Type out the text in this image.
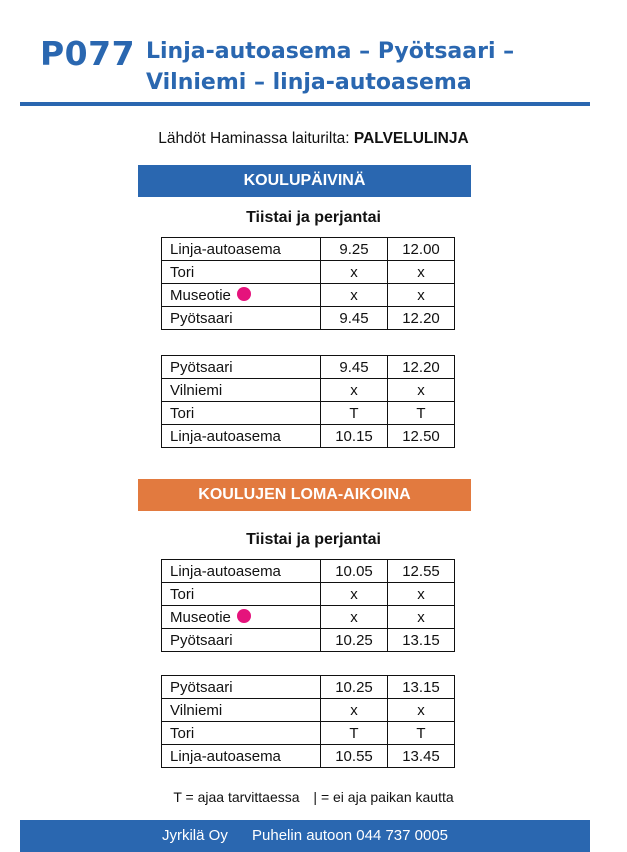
P077 Linja-autoasema – Pyötsaari –
Vilniemi – linja-autoasema
Lähdöt Haminassa laiturilta: PALVELULINJA
KOULUPÄIVINÄ
Tiistai ja perjantai
Linja-autoasema	9.25	12.00
Tori	x	x
Museotie	x	x
Pyötsaari	9.45	12.20
Pyötsaari	9.45	12.20
Vilniemi	x	x
Tori	T	T
Linja-autoasema	10.15	12.50
KOULUJEN LOMA-AIKOINA
Tiistai ja perjantai
Linja-autoasema	10.05	12.55
Tori	x	x
Museotie	x	x
Pyötsaari	10.25	13.15
Pyötsaari	10.25	13.15
Vilniemi	x	x
Tori	T	T
Linja-autoasema	10.55	13.45
T = ajaa tarvittaessa | = ei aja paikan kautta
Jyrkilä Oy Puhelin autoon 044 737 0005
